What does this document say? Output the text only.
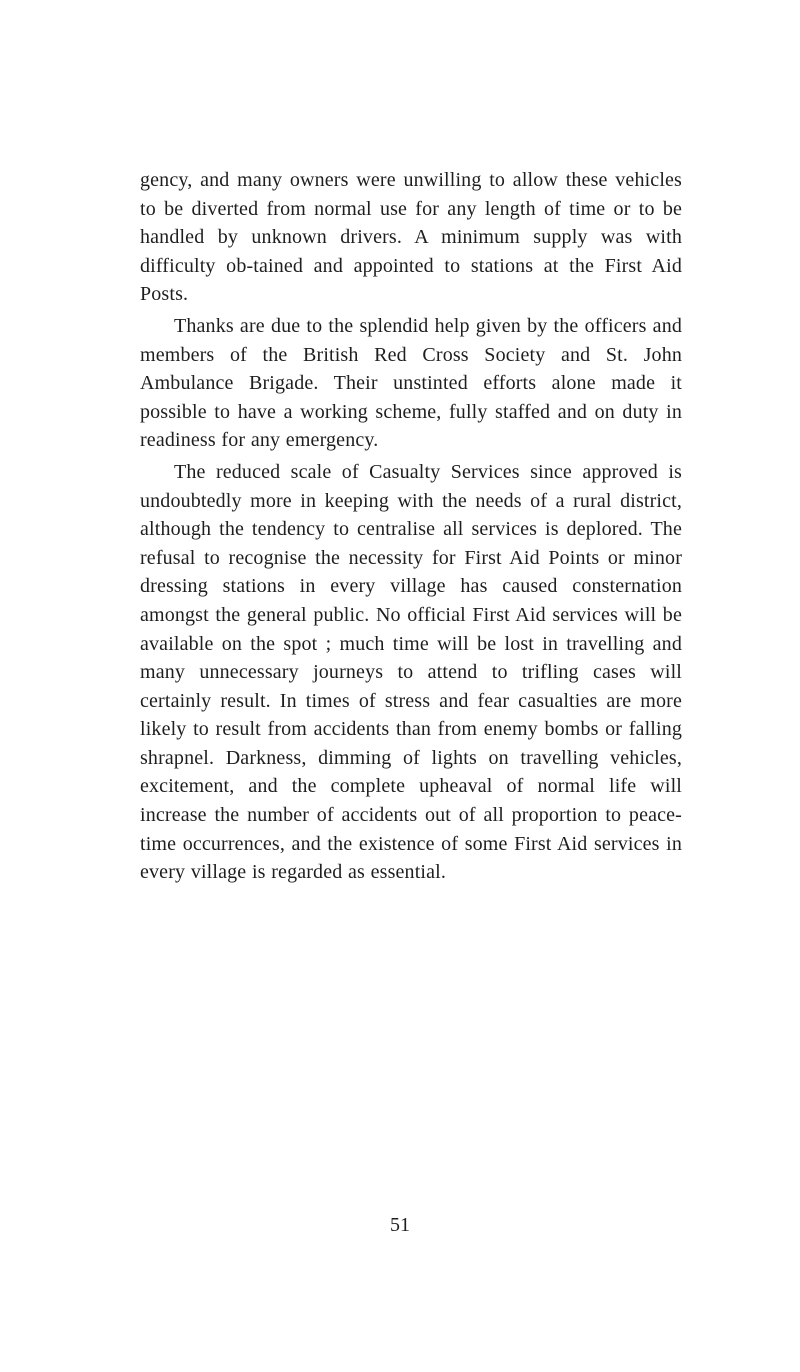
gency, and many owners were unwilling to allow these vehicles to be diverted from normal use for any length of time or to be handled by unknown drivers. A minimum supply was with difficulty ob-tained and appointed to stations at the First Aid Posts.

Thanks are due to the splendid help given by the officers and members of the British Red Cross Society and St. John Ambulance Brigade. Their unstinted efforts alone made it possible to have a working scheme, fully staffed and on duty in readiness for any emergency.

The reduced scale of Casualty Services since approved is undoubtedly more in keeping with the needs of a rural district, although the tendency to centralise all services is deplored. The refusal to recognise the necessity for First Aid Points or minor dressing stations in every village has caused consternation amongst the general public. No official First Aid services will be available on the spot ; much time will be lost in travelling and many unnecessary journeys to attend to trifling cases will certainly result. In times of stress and fear casualties are more likely to result from accidents than from enemy bombs or falling shrapnel. Darkness, dimming of lights on travelling vehicles, excitement, and the complete upheaval of normal life will increase the number of accidents out of all proportion to peace-time occurrences, and the existence of some First Aid services in every village is regarded as essential.

51
